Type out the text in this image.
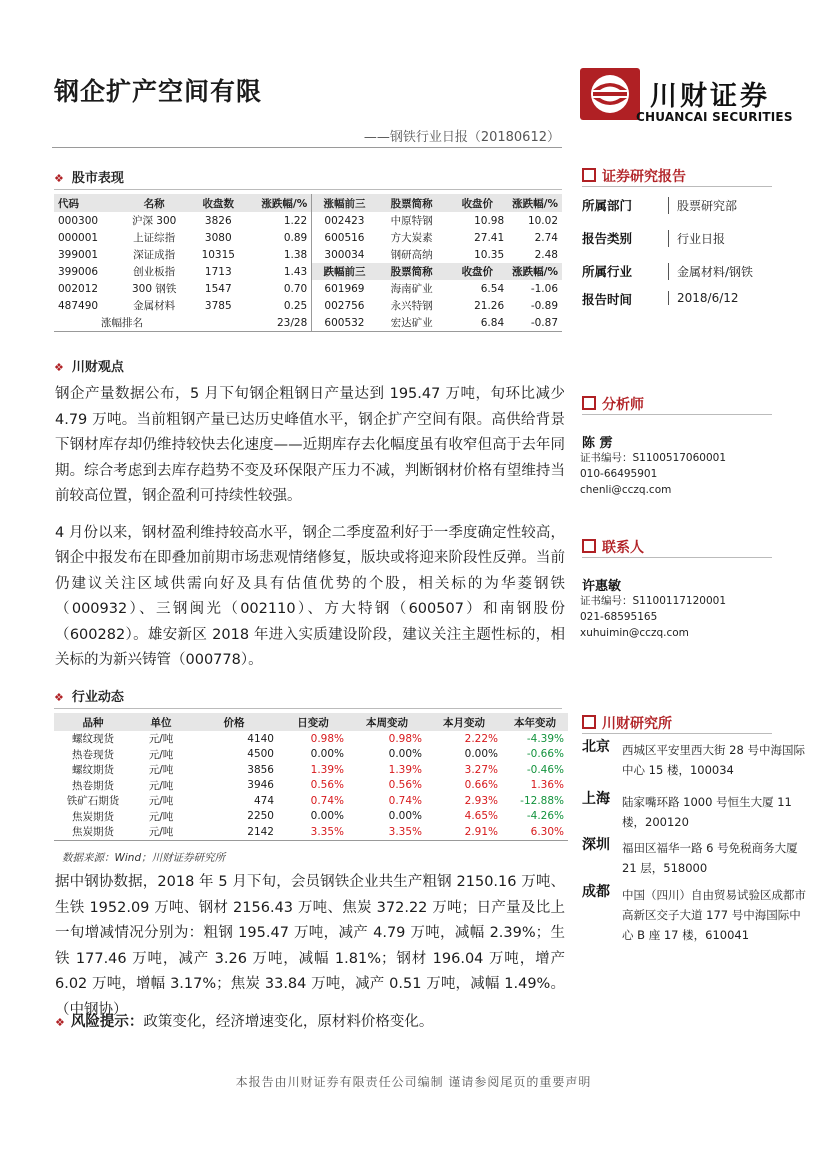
钢企扩产空间有限
——钢铁行业日报（20180612）
川财证券
CHUANCAI SECURITIES
❖ 股市表现
代码	名称	收盘数	涨跌幅/%	涨幅前三	股票简称	收盘价	涨跌幅/%
000300	沪深 300	3826	1.22	002423	中原特钢	10.98	10.02
000001	上证综指	3080	0.89	600516	方大炭素	27.41	2.74
399001	深证成指	10315	1.38	300034	钢研高纳	10.35	2.48
399006	创业板指	1713	1.43	跌幅前三	股票简称	收盘价	涨跌幅/%
002012	300 钢铁	1547	0.70	601969	海南矿业	6.54	-1.06
487490	金属材料	3785	0.25	002756	永兴特钢	21.26	-0.89
涨幅排名		23/28		600532	宏达矿业	6.84	-0.87
❖ 川财观点

钢企产量数据公布，5 月下旬钢企粗钢日产量达到 195.47 万吨，旬环比减少 4.79 万吨。当前粗钢产量已达历史峰值水平，钢企扩产空间有限。高供给背景下钢材库存却仍维持较快去化速度——近期库存去化幅度虽有收窄但高于去年同期。综合考虑到去库存趋势不变及环保限产压力不减，判断钢材价格有望维持当前较高位置，钢企盈利可持续性较强。

4 月份以来，钢材盈利维持较高水平，钢企二季度盈利好于一季度确定性较高，钢企中报发布在即叠加前期市场悲观情绪修复，版块或将迎来阶段性反弹。当前仍建议关注区域供需向好及具有估值优势的个股，相关标的为华菱钢铁（000932）、三钢闽光（002110）、方大特钢（600507）和南钢股份（600282）。雄安新区 2018 年进入实质建设阶段，建议关注主题性标的，相关标的为新兴铸管（000778）。

❖ 行业动态
品种	单位	价格	日变动	本周变动	本月变动	本年变动
螺纹现货	元/吨	4140	0.98%	0.98%	2.22%	-4.39%
热卷现货	元/吨	4500	0.00%	0.00%	0.00%	-0.66%
螺纹期货	元/吨	3856	1.39%	1.39%	3.27%	-0.46%
热卷期货	元/吨	3946	0.56%	0.56%	0.66%	1.36%
铁矿石期货	元/吨	474	0.74%	0.74%	2.93%	-12.88%
焦炭期货	元/吨	2250	0.00%	0.00%	4.65%	-4.26%
焦炭期货	元/吨	2142	3.35%	3.35%	2.91%	6.30%
数据来源：Wind；川财证券研究所

据中钢协数据，2018 年 5 月下旬，会员钢铁企业共生产粗钢 2150.16 万吨、生铁 1952.09 万吨、钢材 2156.43 万吨、焦炭 372.22 万吨；日产量及比上一旬增减情况分别为：粗钢 195.47 万吨，减产 4.79 万吨，减幅 2.39%；生铁 177.46 万吨，减产 3.26 万吨，减幅 1.81%；钢材 196.04 万吨，增产 6.02 万吨，增幅 3.17%；焦炭 33.84 万吨，减产 0.51 万吨，减幅 1.49%。（中钢协）

❖ 风险提示：政策变化，经济增速变化，原材料价格变化。
证券研究报告
所属部门	股票研究部
报告类别	行业日报
所属行业	金属材料/钢铁
报告时间	2018/6/12
分析师
陈 雳
证书编号：S1100517060001
010-66495901
chenli@cczq.com
联系人
许惠敏
证书编号：S1100117120001
021-68595165
xuhuimin@cczq.com
川财研究所
北京 西城区平安里西大街 28 号中海国际中心 15 楼，100034
上海 陆家嘴环路 1000 号恒生大厦 11 楼，200120
深圳 福田区福华一路 6 号免税商务大厦 21 层，518000
成都 中国（四川）自由贸易试验区成都市高新区交子大道 177 号中海国际中心 B 座 17 楼，610041
本报告由川财证券有限责任公司编制 谨请参阅尾页的重要声明
